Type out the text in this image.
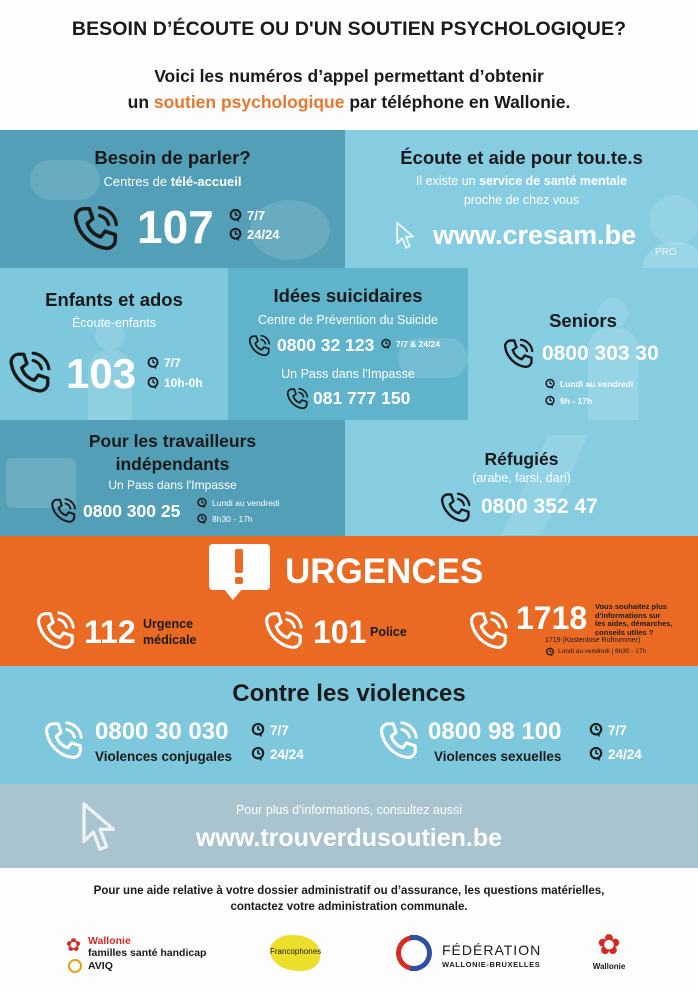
BESOIN D’ÉCOUTE OU D'UN SOUTIEN PSYCHOLOGIQUE?
Voici les numéros d’appel permettant d’obtenir
un soutien psychologique par téléphone en Wallonie.
Besoin de parler?
Centres de télé-accueil
107	7/7
24/24
Écoute et aide pour tou.te.s
Il existe un service de santé mentale
proche de chez vous
www.cresam.be
PRO
Enfants et ados
Écoute-enfants
103 7/7
10h-0h
Idées suicidaires
Centre de Prévention du Suicide
0800 32 123	7/7 & 24/24
Un Pass dans l'Impasse
081 777 150
Seniors
0800 303 30
Lundi au vendredi
9h - 17h
Pour les travailleurs
indépendants
Un Pass dans l'Impasse
0800 300 25	Lundi au vendredi
8h30 - 17h
Réfugiés
(arabe, farsi, dari)
0800 352 47
URGENCES
112 Urgence
médicale	101 Police	1718 Vous souhaitez plus
d'informations sur
les aides, démarches,
conseils utiles ?
1719 (Kostenlose Rufnummer)
Lundi au vendredi | 8h30 - 17h
Contre les violences
0800 30 030
Violences conjugales
7/7
24/24
0800 98 100
Violences sexuelles
7/7
24/24
Pour plus d'informations, consultez aussi
www.trouverdusoutien.be
Pour une aide relative à votre dossier administratif ou d’assurance, les questions matérielles,
contactez votre administration communale.
✿ Wallonie
familles santé handicap
AVIQ
Francophones	FÉDÉRATION
WALLONIE-BRUXELLES
✿
Wallonie
